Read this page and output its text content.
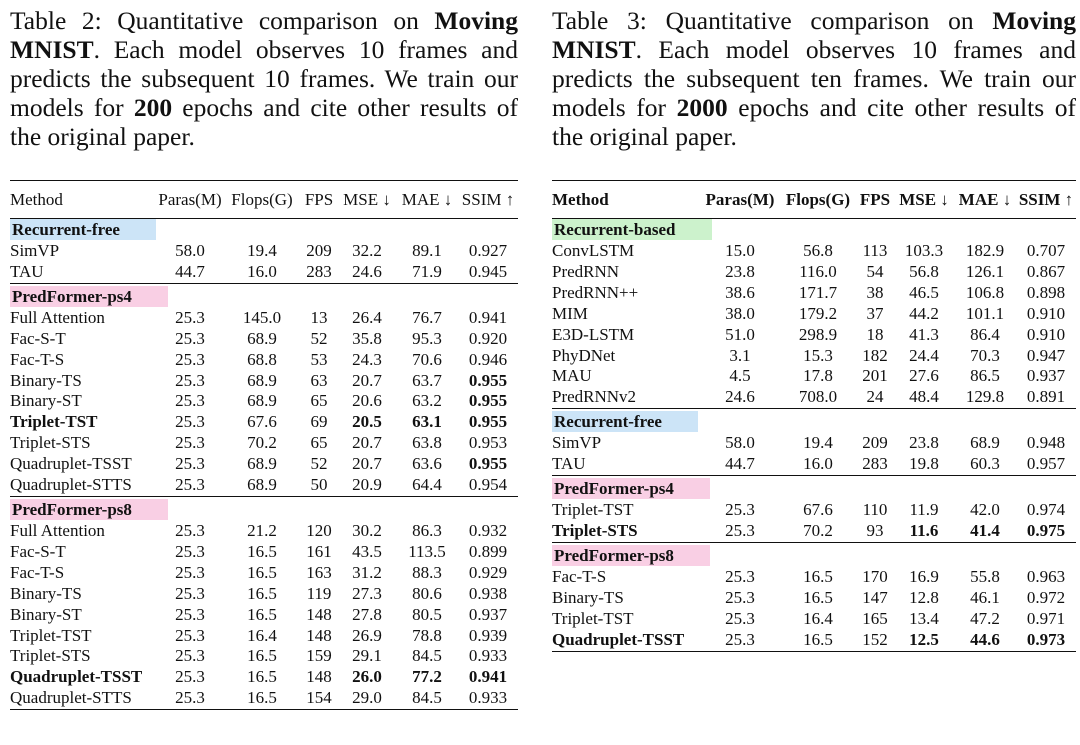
Table 2: Quantitative comparison on Moving MNIST. Each model observes 10 frames and predicts the subsequent 10 frames. We train our models for 200 epochs and cite other results of the original paper.
Method	Paras(M)	Flops(G)	FPS	MSE ↓	MAE ↓	SSIM ↑
Recurrent-free						
SimVP	58.0	19.4	209	32.2	89.1	0.927
TAU	44.7	16.0	283	24.6	71.9	0.945

PredFormer-ps4						
Full Attention	25.3	145.0	13	26.4	76.7	0.941
Fac-S-T	25.3	68.9	52	35.8	95.3	0.920
Fac-T-S	25.3	68.8	53	24.3	70.6	0.946
Binary-TS	25.3	68.9	63	20.7	63.7	0.955
Binary-ST	25.3	68.9	65	20.6	63.2	0.955
Triplet-TST	25.3	67.6	69	20.5	63.1	0.955
Triplet-STS	25.3	70.2	65	20.7	63.8	0.953
Quadruplet-TSST	25.3	68.9	52	20.7	63.6	0.955
Quadruplet-STTS	25.3	68.9	50	20.9	64.4	0.954

PredFormer-ps8						
Full Attention	25.3	21.2	120	30.2	86.3	0.932
Fac-S-T	25.3	16.5	161	43.5	113.5	0.899
Fac-T-S	25.3	16.5	163	31.2	88.3	0.929
Binary-TS	25.3	16.5	119	27.3	80.6	0.938
Binary-ST	25.3	16.5	148	27.8	80.5	0.937
Triplet-TST	25.3	16.4	148	26.9	78.8	0.939
Triplet-STS	25.3	16.5	159	29.1	84.5	0.933
Quadruplet-TSST	25.3	16.5	148	26.0	77.2	0.941
Quadruplet-STTS	25.3	16.5	154	29.0	84.5	0.933
Table 3: Quantitative comparison on Moving MNIST. Each model observes 10 frames and predicts the subsequent ten frames. We train our models for 2000 epochs and cite other results of the original paper.
Method	Paras(M)	Flops(G)	FPS	MSE ↓	MAE ↓	SSIM ↑
Recurrent-based						
ConvLSTM	15.0	56.8	113	103.3	182.9	0.707
PredRNN	23.8	116.0	54	56.8	126.1	0.867
PredRNN++	38.6	171.7	38	46.5	106.8	0.898
MIM	38.0	179.2	37	44.2	101.1	0.910
E3D-LSTM	51.0	298.9	18	41.3	86.4	0.910
PhyDNet	3.1	15.3	182	24.4	70.3	0.947
MAU	4.5	17.8	201	27.6	86.5	0.937
PredRNNv2	24.6	708.0	24	48.4	129.8	0.891

Recurrent-free						
SimVP	58.0	19.4	209	23.8	68.9	0.948
TAU	44.7	16.0	283	19.8	60.3	0.957

PredFormer-ps4						
Triplet-TST	25.3	67.6	110	11.9	42.0	0.974
Triplet-STS	25.3	70.2	93	11.6	41.4	0.975

PredFormer-ps8						
Fac-T-S	25.3	16.5	170	16.9	55.8	0.963
Binary-TS	25.3	16.5	147	12.8	46.1	0.972
Triplet-TST	25.3	16.4	165	13.4	47.2	0.971
Quadruplet-TSST	25.3	16.5	152	12.5	44.6	0.973
